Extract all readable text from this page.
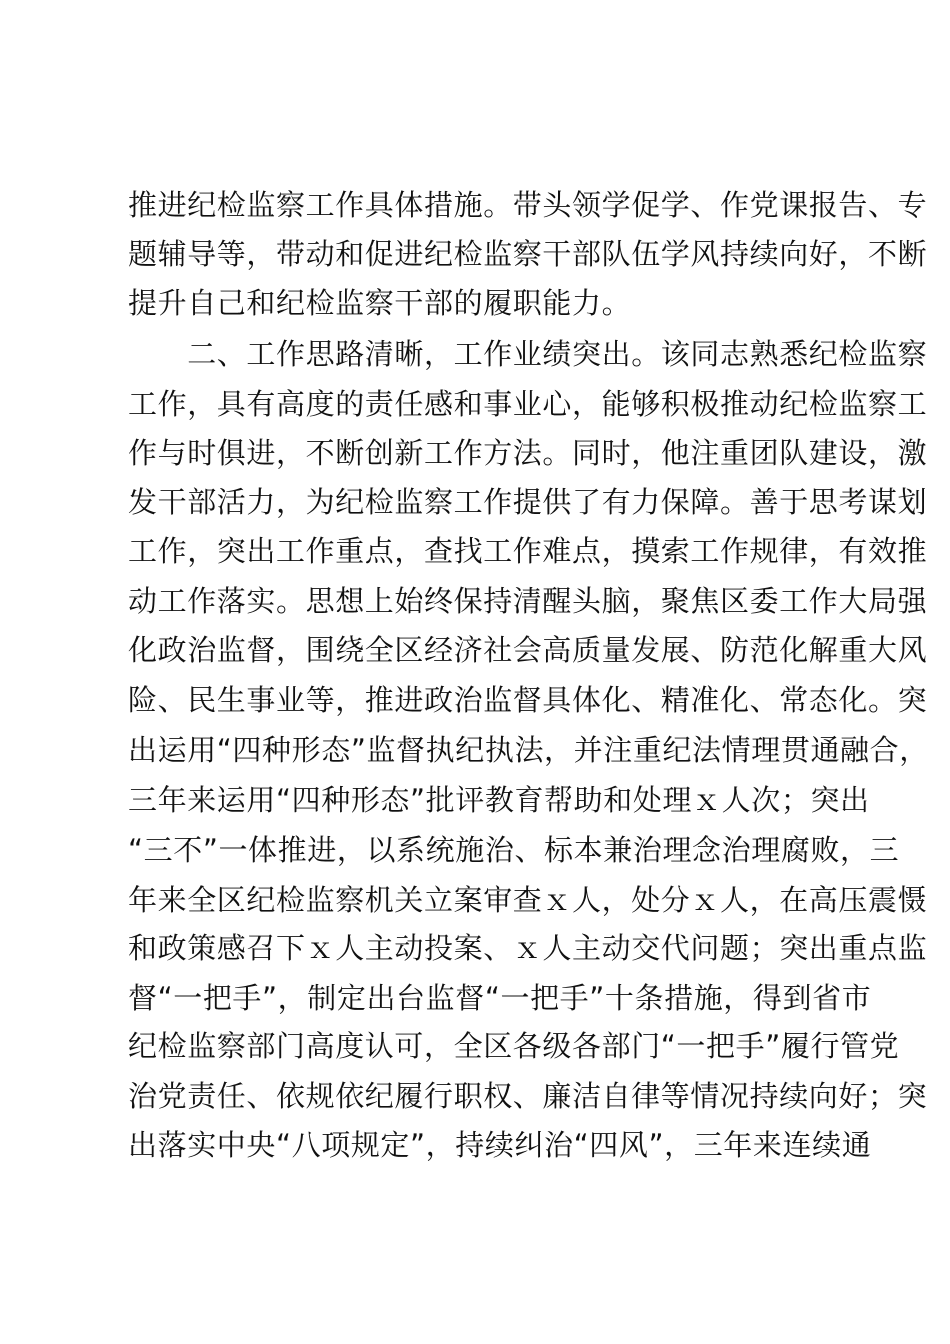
推进纪检监察工作具体措施。带头领学促学、作党课报告、专
题辅导等，带动和促进纪检监察干部队伍学风持续向好，不断
提升自己和纪检监察干部的履职能力。
　　二、工作思路清晰，工作业绩突出。该同志熟悉纪检监察
工作，具有高度的责任感和事业心，能够积极推动纪检监察工
作与时俱进，不断创新工作方法。同时，他注重团队建设，激
发干部活力，为纪检监察工作提供了有力保障。善于思考谋划
工作，突出工作重点，查找工作难点，摸索工作规律，有效推
动工作落实。思想上始终保持清醒头脑，聚焦区委工作大局强
化政治监督，围绕全区经济社会高质量发展、防范化解重大风
险、民生事业等，推进政治监督具体化、精准化、常态化。突
出运用“四种形态”监督执纪执法，并注重纪法情理贯通融合，
三年来运用“四种形态”批评教育帮助和处理ｘ人次；突出
“三不”一体推进，以系统施治、标本兼治理念治理腐败，三
年来全区纪检监察机关立案审查ｘ人，处分ｘ人，在高压震慑
和政策感召下ｘ人主动投案、ｘ人主动交代问题；突出重点监
督“一把手”，制定出台监督“一把手”十条措施，得到省市
纪检监察部门高度认可，全区各级各部门“一把手”履行管党
治党责任、依规依纪履行职权、廉洁自律等情况持续向好；突
出落实中央“八项规定”，持续纠治“四风”，三年来连续通
